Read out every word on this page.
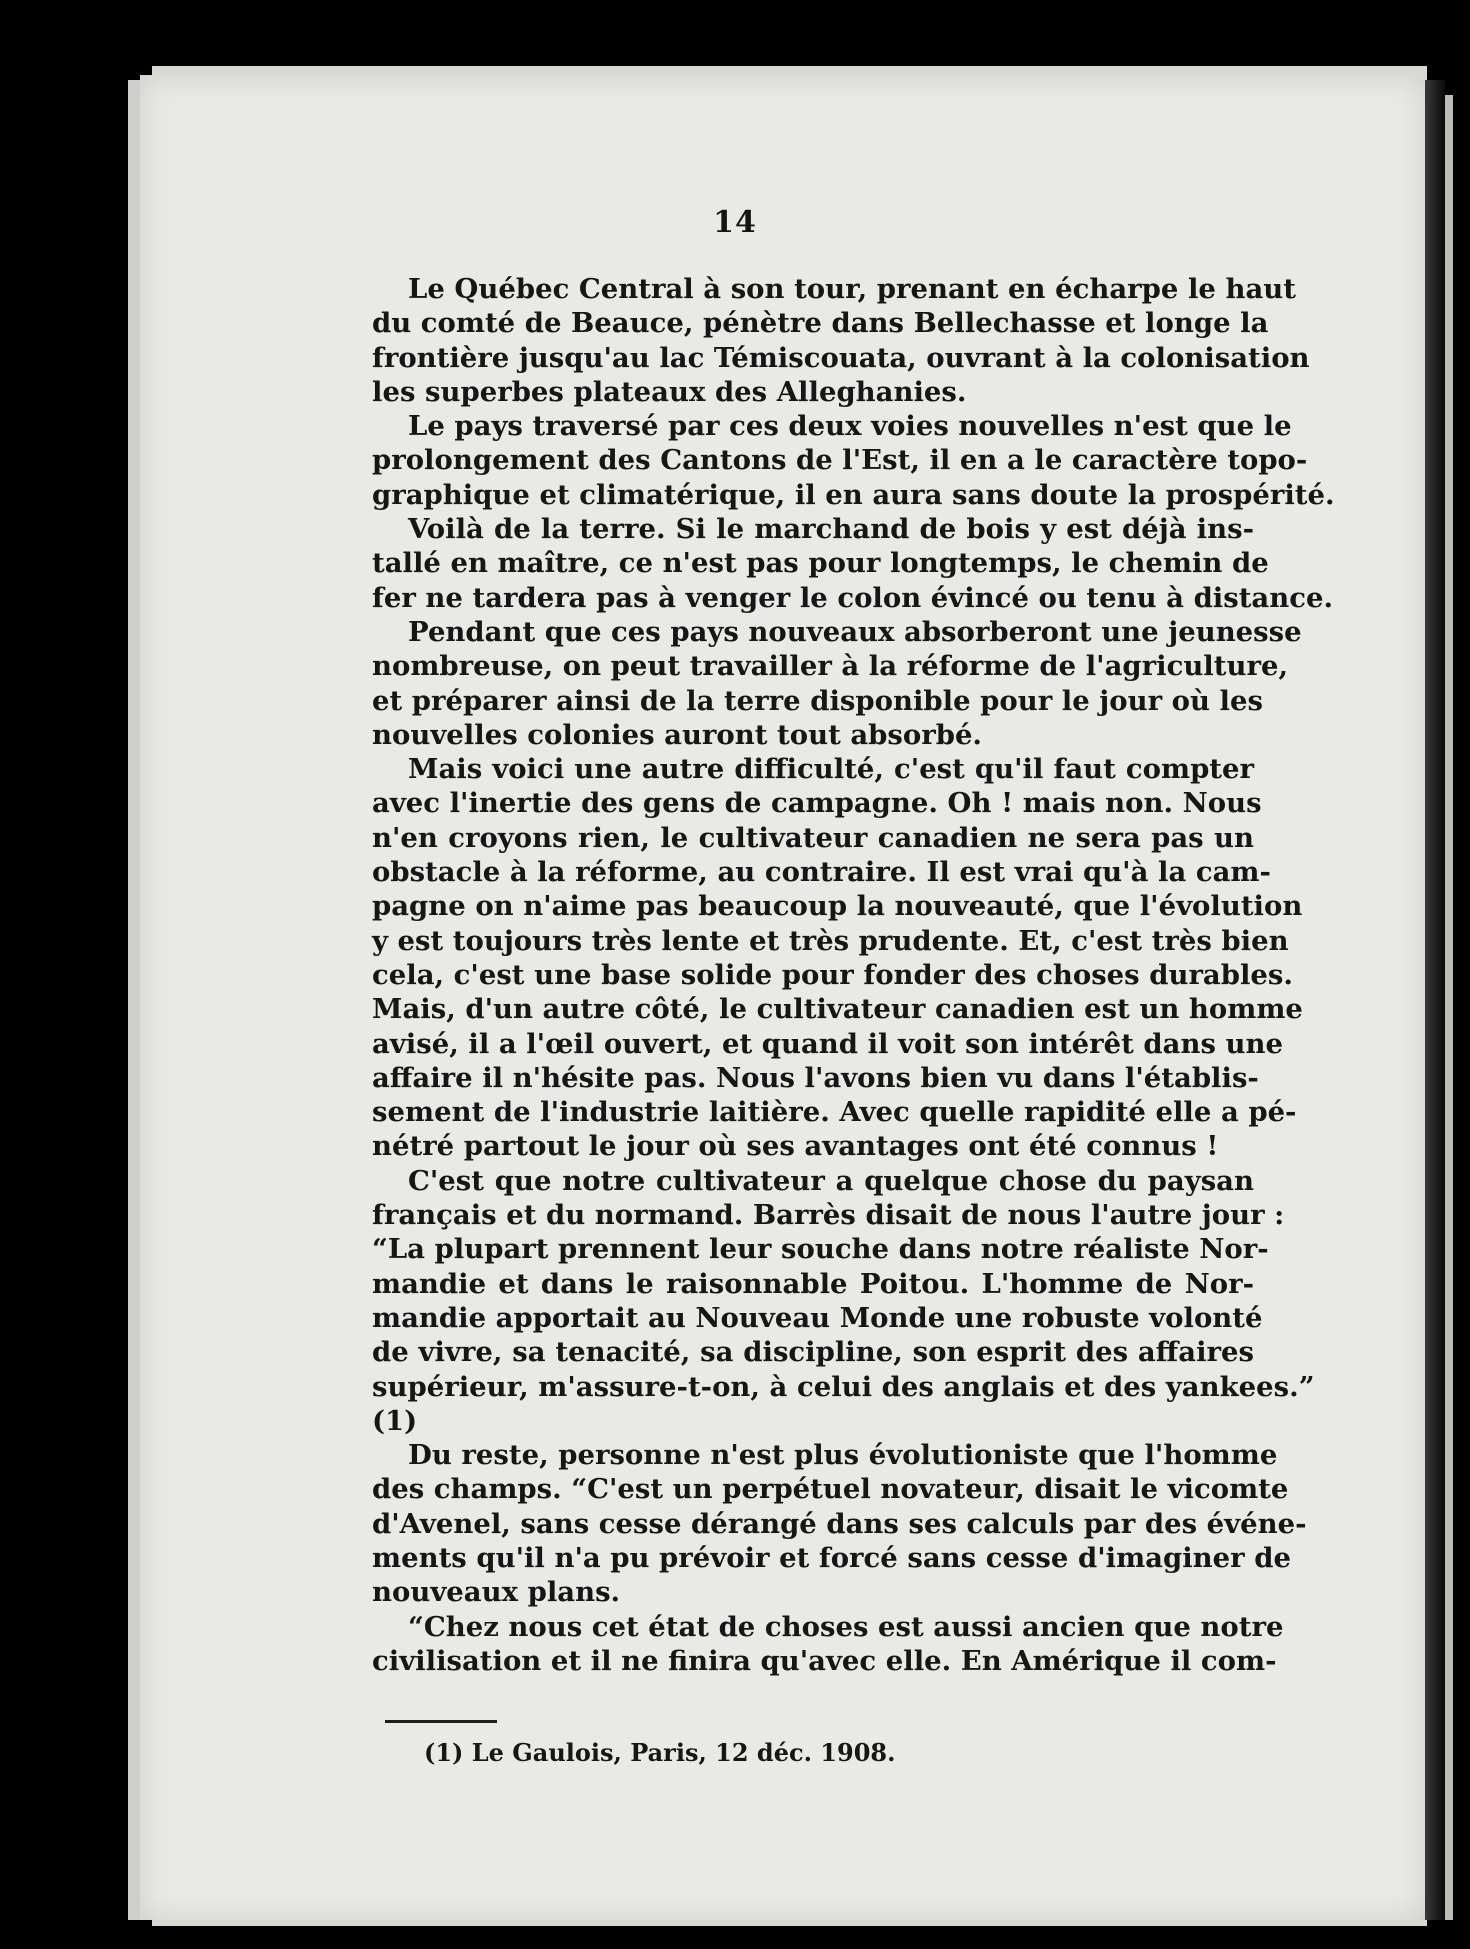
14
Le Québec Central à son tour, prenant en écharpe le haut
du comté de Beauce, pénètre dans Bellechasse et longe la
frontière jusqu'au lac Témiscouata, ouvrant à la colonisation
les superbes plateaux des Alleghanies.
Le pays traversé par ces deux voies nouvelles n'est que le
prolongement des Cantons de l'Est, il en a le caractère topo-
graphique et climatérique, il en aura sans doute la prospérité.
Voilà de la terre. Si le marchand de bois y est déjà ins-
tallé en maître, ce n'est pas pour longtemps, le chemin de
fer ne tardera pas à venger le colon évincé ou tenu à distance.
Pendant que ces pays nouveaux absorberont une jeunesse
nombreuse, on peut travailler à la réforme de l'agriculture,
et préparer ainsi de la terre disponible pour le jour où les
nouvelles colonies auront tout absorbé.
Mais voici une autre difficulté, c'est qu'il faut compter
avec l'inertie des gens de campagne. Oh ! mais non. Nous
n'en croyons rien, le cultivateur canadien ne sera pas un
obstacle à la réforme, au contraire. Il est vrai qu'à la cam-
pagne on n'aime pas beaucoup la nouveauté, que l'évolution
y est toujours très lente et très prudente. Et, c'est très bien
cela, c'est une base solide pour fonder des choses durables.
Mais, d'un autre côté, le cultivateur canadien est un homme
avisé, il a l'œil ouvert, et quand il voit son intérêt dans une
affaire il n'hésite pas. Nous l'avons bien vu dans l'établis-
sement de l'industrie laitière. Avec quelle rapidité elle a pé-
nétré partout le jour où ses avantages ont été connus !
C'est que notre cultivateur a quelque chose du paysan
français et du normand. Barrès disait de nous l'autre jour :
“La plupart prennent leur souche dans notre réaliste Nor-
mandie et dans le raisonnable Poitou. L'homme de Nor-
mandie apportait au Nouveau Monde une robuste volonté
de vivre, sa tenacité, sa discipline, son esprit des affaires
supérieur, m'assure-t-on, à celui des anglais et des yankees.”
(1)
Du reste, personne n'est plus évolutioniste que l'homme
des champs. “C'est un perpétuel novateur, disait le vicomte
d'Avenel, sans cesse dérangé dans ses calculs par des événe-
ments qu'il n'a pu prévoir et forcé sans cesse d'imaginer de
nouveaux plans.
“Chez nous cet état de choses est aussi ancien que notre
civilisation et il ne finira qu'avec elle. En Amérique il com-
(1) Le Gaulois, Paris, 12 déc. 1908.
